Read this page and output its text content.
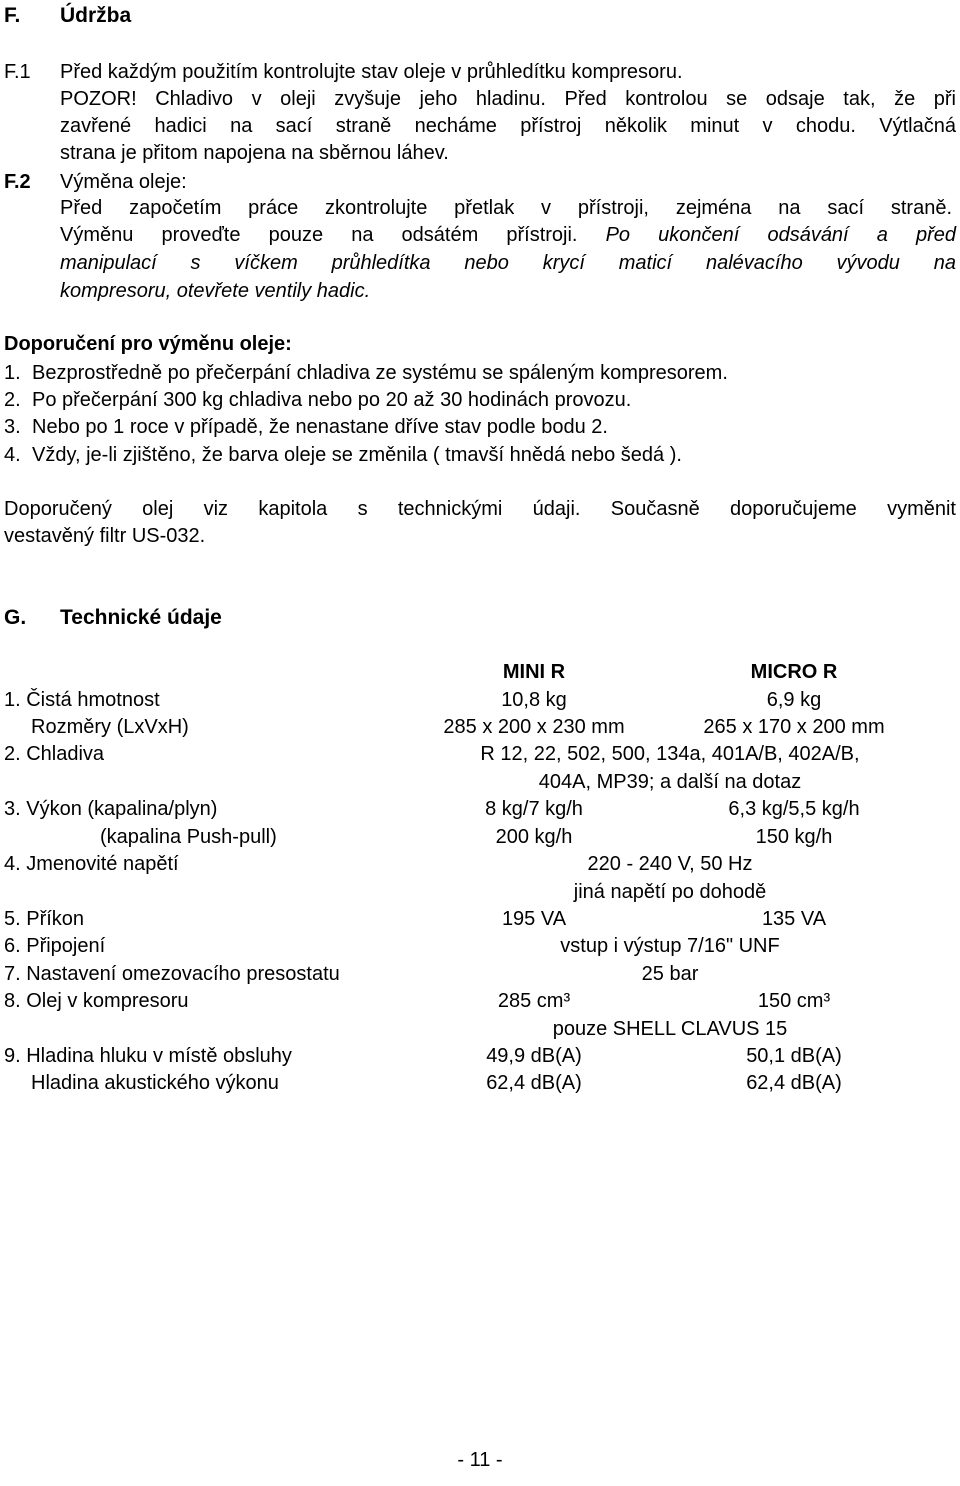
F. Údržba
F.1 Před každým použitím kontrolujte stav oleje v průhledítku kompresoru.
POZOR! Chladivo v oleji zvyšuje jeho hladinu. Před kontrolou se odsaje tak, že při
zavřené hadici na sací straně necháme přístroj několik minut v chodu. Výtlačná
strana je přitom napojena na sběrnou láhev.
F.2 Výměna oleje:
Před započetím práce zkontrolujte přetlak v přístroji, zejména na sací straně.
Výměnu proveďte pouze na odsátém přístroji. Po ukončení odsávání a před
manipulací s víčkem průhledítka nebo krycí maticí nalévacího vývodu na
kompresoru, otevřete ventily hadic.
Doporučení pro výměnu oleje:
1. Bezprostředně po přečerpání chladiva ze systému se spáleným kompresorem.
2. Po přečerpání 300 kg chladiva nebo po 20 až 30 hodinách provozu.
3. Nebo po 1 roce v případě, že nenastane dříve stav podle bodu 2.
4. Vždy, je-li zjištěno, že barva oleje se změnila ( tmavší hnědá nebo šedá ).
Doporučený olej viz kapitola s technickými údaji. Současně doporučujeme vyměnit
vestavěný filtr US-032.
G. Technické údaje
MINI R	MICRO R
1. Čistá hmotnost	10,8 kg	6,9 kg
Rozměry (LxVxH)	285 x 200 x 230 mm	265 x 170 x 200 mm
2. Chladiva	R 12, 22, 502, 500, 134a, 401A/B, 402A/B,
404A, MP39; a další na dotaz
3. Výkon (kapalina/plyn)	8 kg/7 kg/h	6,3 kg/5,5 kg/h
(kapalina Push-pull)	200 kg/h	150 kg/h
4. Jmenovité napětí	220 - 240 V, 50 Hz
jiná napětí po dohodě
5. Příkon	195 VA	135 VA
6. Připojení	vstup i výstup 7/16" UNF
7. Nastavení omezovacího presostatu	25 bar
8. Olej v kompresoru	285 cm³	150 cm³
pouze SHELL CLAVUS 15
9. Hladina hluku v místě obsluhy	49,9 dB(A)	50,1 dB(A)
Hladina akustického výkonu	62,4 dB(A)	62,4 dB(A)
- 11 -
